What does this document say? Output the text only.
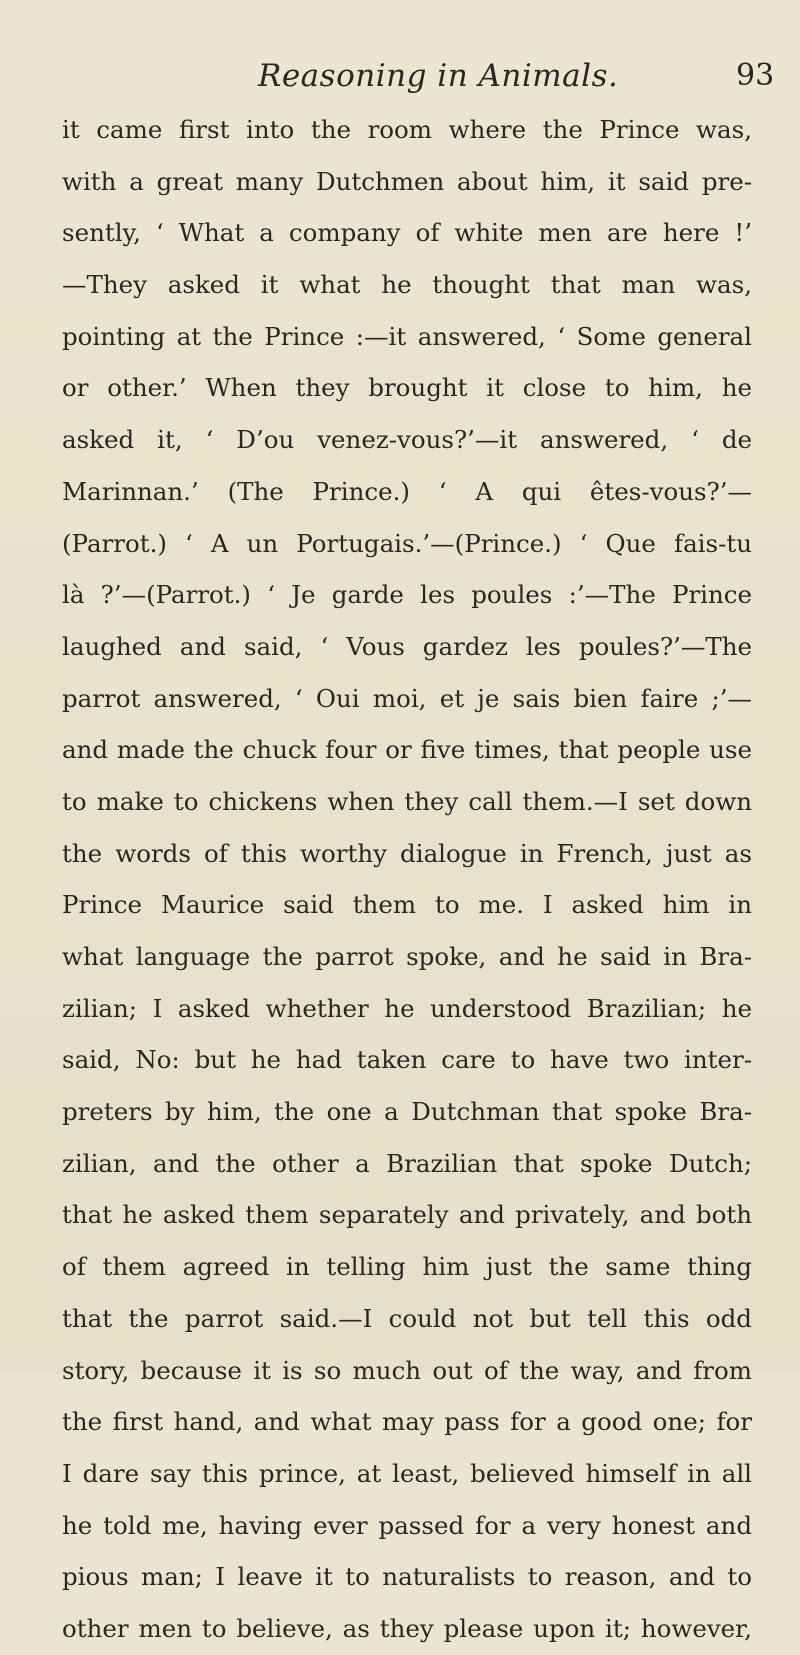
Reasoning in Animals.	93
it came first into the room where the Prince was,
with a great many Dutchmen about him, it said pre-
sently, ‘ What a company of white men are here !’
—They asked it what he thought that man was,
pointing at the Prince :—it answered, ‘ Some general
or other.’ When they brought it close to him, he
asked it, ‘ D’ou venez-vous?’—it answered, ‘ de
Marinnan.’ (The Prince.) ‘ A qui êtes-vous?’—
(Parrot.) ‘ A un Portugais.’—(Prince.) ‘ Que fais-tu
là ?’—(Parrot.) ‘ Je garde les poules :’—The Prince
laughed and said, ‘ Vous gardez les poules?’—The
parrot answered, ‘ Oui moi, et je sais bien faire ;’—
and made the chuck four or five times, that people use
to make to chickens when they call them.—I set down
the words of this worthy dialogue in French, just as
Prince Maurice said them to me. I asked him in
what language the parrot spoke, and he said in Bra-
zilian; I asked whether he understood Brazilian; he
said, No: but he had taken care to have two inter-
preters by him, the one a Dutchman that spoke Bra-
zilian, and the other a Brazilian that spoke Dutch;
that he asked them separately and privately, and both
of them agreed in telling him just the same thing
that the parrot said.—I could not but tell this odd
story, because it is so much out of the way, and from
the first hand, and what may pass for a good one; for
I dare say this prince, at least, believed himself in all
he told me, having ever passed for a very honest and
pious man; I leave it to naturalists to reason, and to
other men to believe, as they please upon it; however,
